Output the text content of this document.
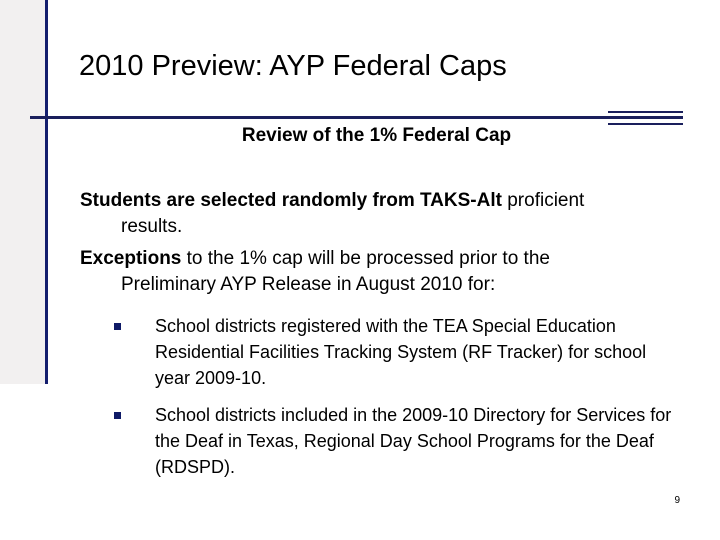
2010 Preview: AYP Federal Caps
Review of the 1% Federal Cap
Students are selected randomly from TAKS-Alt proficient
results.
Exceptions to the 1% cap will be processed prior to the
Preliminary AYP Release in August 2010 for:
School districts registered with the TEA Special Education Residential Facilities Tracking System (RF Tracker) for school year 2009-10.
School districts included in the 2009-10 Directory for Services for the Deaf in Texas, Regional Day School Programs for the Deaf (RDSPD).
9
